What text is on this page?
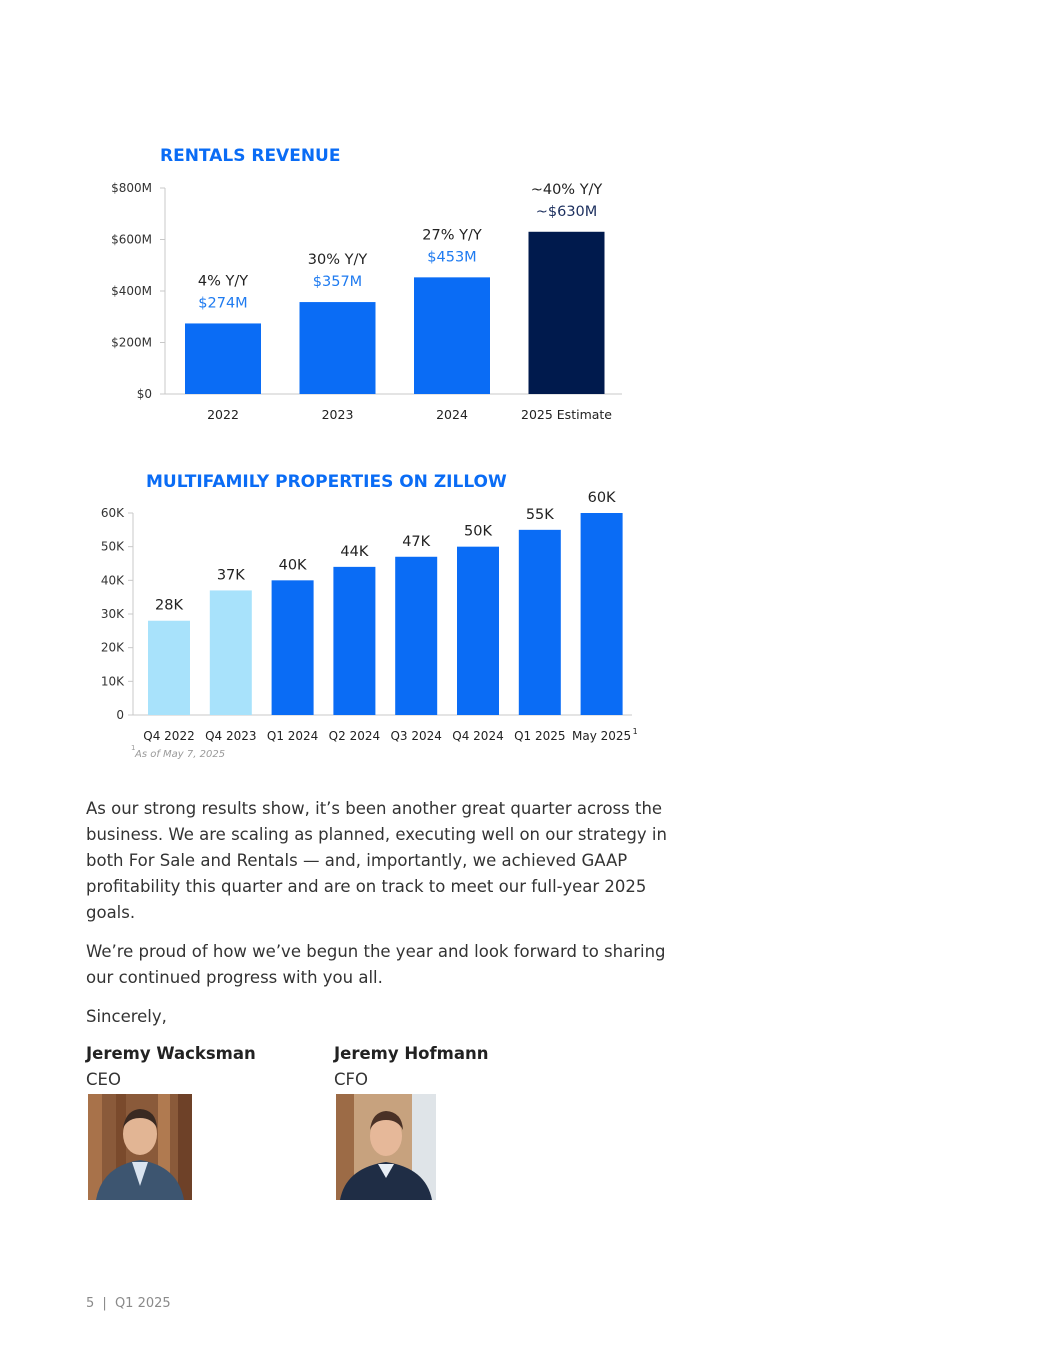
RENTALS REVENUE
$0
$200M
$400M
$600M
$800M
2022
4% Y/Y
$274M
2023
30% Y/Y
$357M
2024
27% Y/Y
$453M
2025 Estimate
~40% Y/Y
~$630M
MULTIFAMILY PROPERTIES ON ZILLOW
0
10K
20K
30K
40K
50K
60K
28K
Q4 2022
37K
Q4 2023
40K
Q1 2024
44K
Q2 2024
47K
Q3 2024
50K
Q4 2024
55K
Q1 2025
60K
May 2025 1
1
As of May 7, 2025

As our strong results show, it’s been another great quarter across the business. We are scaling as planned, executing well on our strategy in both For Sale and Rentals — and, importantly, we achieved GAAP profitability this quarter and are on track to meet our full-year 2025 goals.

We’re proud of how we’ve begun the year and look forward to sharing our continued progress with you all.

Sincerely,

Jeremy Wacksman
CEO
Jeremy Hofmann
CFO
5 | Q1 2025
